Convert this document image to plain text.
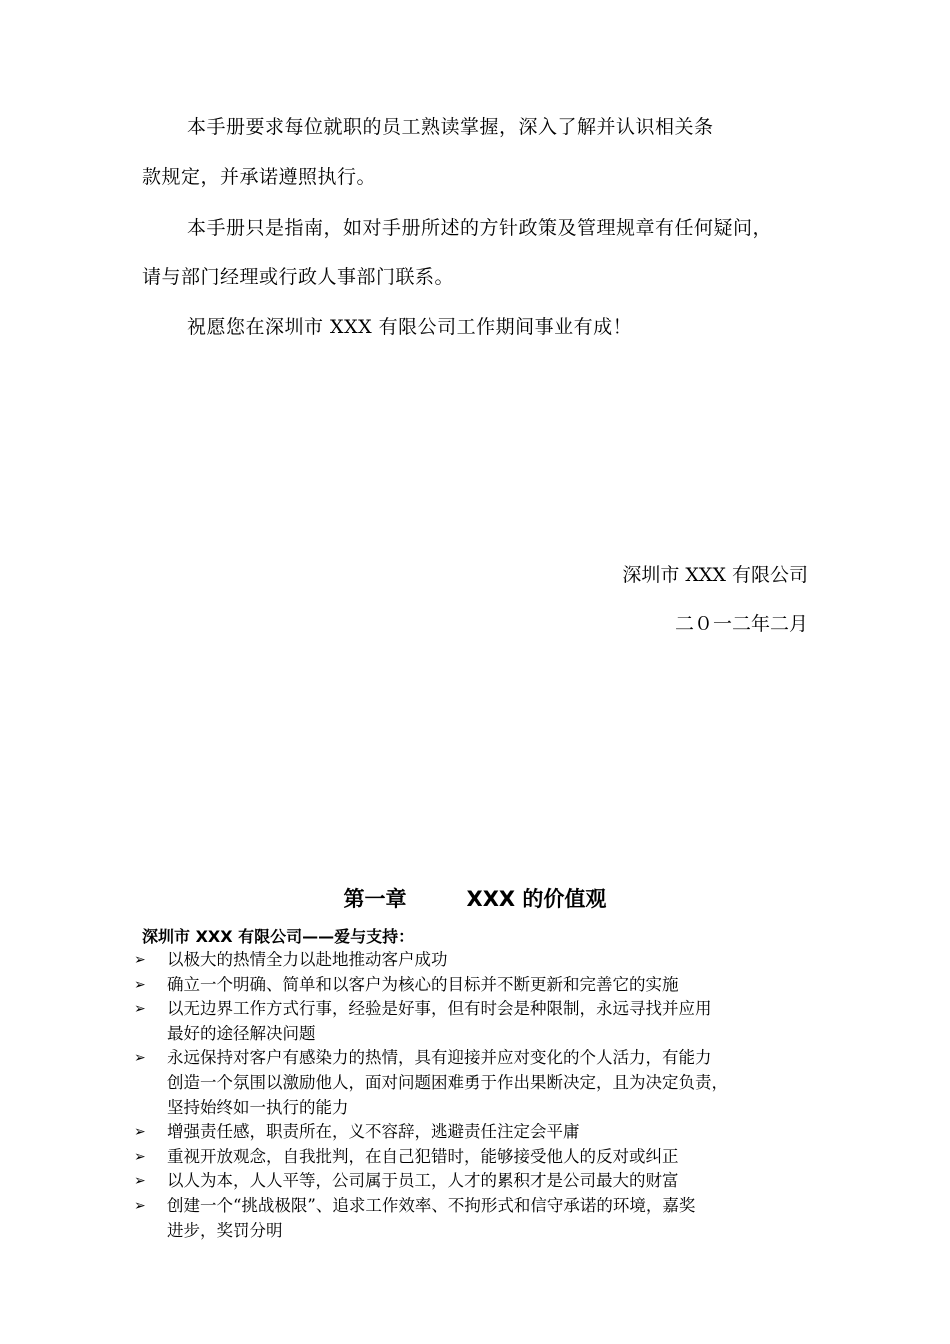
本手册要求每位就职的员工熟读掌握，深入了解并认识相关条
款规定，并承诺遵照执行。
本手册只是指南，如对手册所述的方针政策及管理规章有任何疑问，
请与部门经理或行政人事部门联系。
祝愿您在深圳市 XXX 有限公司工作期间事业有成！
深圳市 XXX 有限公司
二０一二年二月
第一章	XXX 的价值观
深圳市 XXX 有限公司——爱与支持：
➢ 以极大的热情全力以赴地推动客户成功
➢ 确立一个明确、简单和以客户为核心的目标并不断更新和完善它的实施
➢ 以无边界工作方式行事，经验是好事，但有时会是种限制，永远寻找并应用
最好的途径解决问题
➢ 永远保持对客户有感染力的热情，具有迎接并应对变化的个人活力，有能力
创造一个氛围以激励他人，面对问题困难勇于作出果断决定，且为决定负责，
坚持始终如一执行的能力
➢ 增强责任感，职责所在，义不容辞，逃避责任注定会平庸
➢ 重视开放观念，自我批判，在自己犯错时，能够接受他人的反对或纠正
➢ 以人为本，人人平等，公司属于员工，人才的累积才是公司最大的财富
➢ 创建一个“挑战极限”、追求工作效率、不拘形式和信守承诺的环境，嘉奖
进步，奖罚分明
